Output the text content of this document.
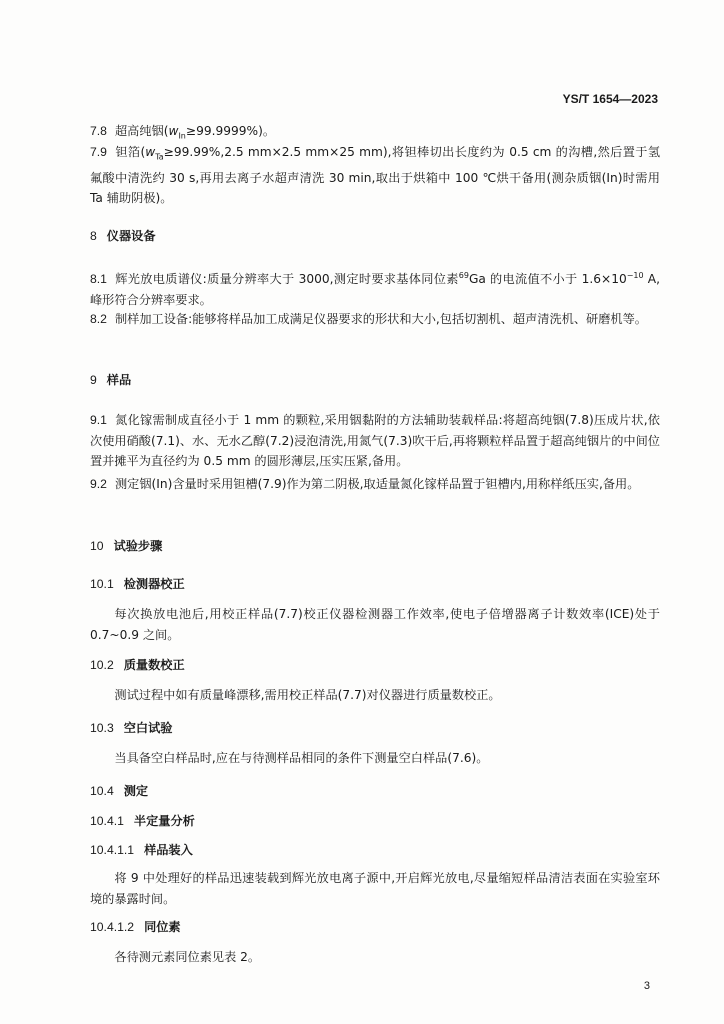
YS/T 1654—2023
7.8 超高纯铟$(w_{In}\ge 99.9999\%)$。
7.9 钽箔($w_{Ta}\ge 99.99\%,2.5$ mm×2.5 mm×25 mm),将钽棒切出长度约为 0.5 cm 的沟槽,然后置于氢氟酸中清洗约 30 s,再用去离子水超声清洗 30 min,取出于烘箱中 100 ℃烘干备用(测杂质铟(In)时需用 Ta 辅助阴极)。
8 仪器设备
8.1 辉光放电质谱仪:质量分辨率大于 3000,测定时要求基体同位素$^{69}$Ga 的电流值不小于 $1.6\times 10^{-10}$ A,峰形符合分辨率要求。
8.2 制样加工设备:能够将样品加工成满足仪器要求的形状和大小,包括切割机、超声清洗机、研磨机等。
9 样品
9.1 氮化镓需制成直径小于 1 mm 的颗粒,采用铟黏附的方法辅助装载样品:将超高纯铟(7.8)压成片状,依次使用硝酸(7.1)、水、无水乙醇(7.2)浸泡清洗,用氮气(7.3)吹干后,再将颗粒样品置于超高纯铟片的中间位置并摊平为直径约为 0.5 mm 的圆形薄层,压实压紧,备用。
9.2 测定铟(In)含量时采用钽槽(7.9)作为第二阴极,取适量氮化镓样品置于钽槽内,用称样纸压实,备用。
10 试验步骤
10.1 检测器校正
每次换放电池后,用校正样品(7.7)校正仪器检测器工作效率,使电子倍增器离子计数效率(ICE)处于 0.7~0.9 之间。
10.2 质量数校正
测试过程中如有质量峰漂移,需用校正样品(7.7)对仪器进行质量数校正。
10.3 空白试验
当具备空白样品时,应在与待测样品相同的条件下测量空白样品(7.6)。
10.4 测定
10.4.1 半定量分析
10.4.1.1 样品装入
将 9 中处理好的样品迅速装载到辉光放电离子源中,开启辉光放电,尽量缩短样品清洁表面在实验室环境的暴露时间。
10.4.1.2 同位素
各待测元素同位素见表 2。
3
